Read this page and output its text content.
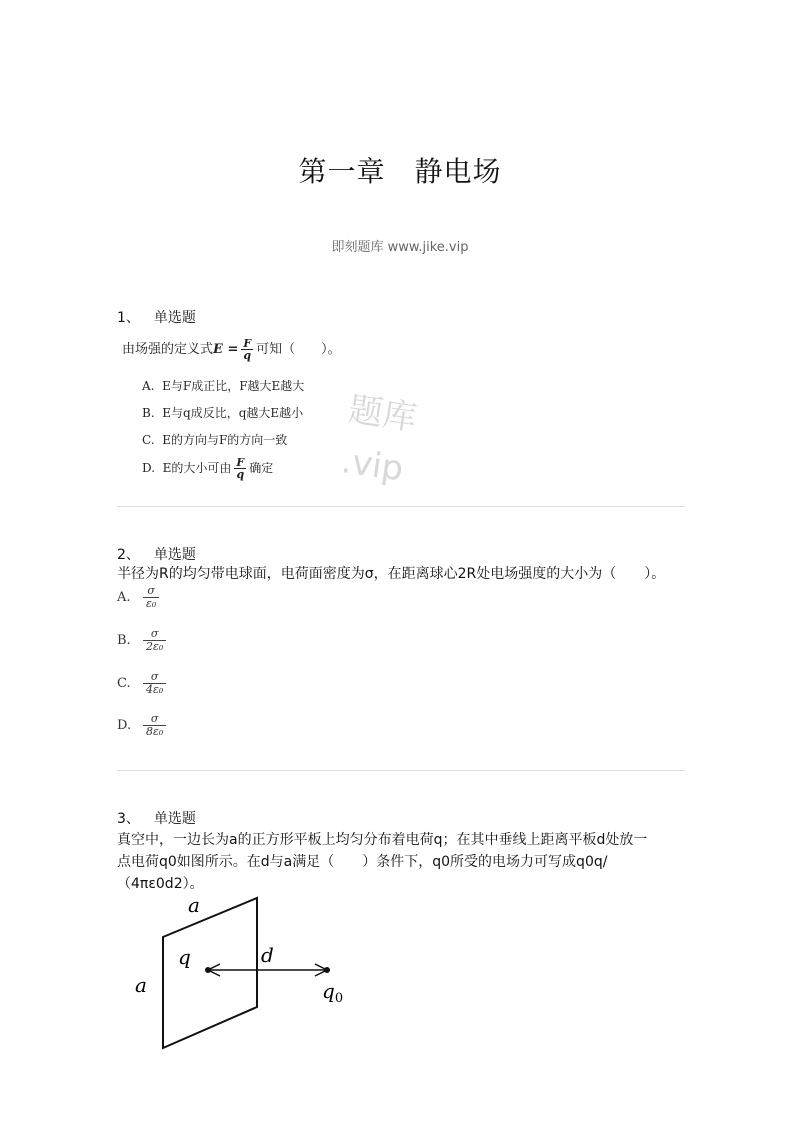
第一章　静电场
即刻题库 www.jike.vip
1、 单选题
由场强的定义式$E = \frac{F}{q}$ 可知（　　）。
A. E与F成正比，F越大E越大
B. E与q成反比，q越大E越小
C. E的方向与F的方向一致
D. E的大小可由 $\frac{F}{q}$ 确定
题库
.vip
2、 单选题
半径为R的均匀带电球面，电荷面密度为σ，在距离球心2R处电场强度的大小为（　　）。
A. $\frac{\sigma}{\text{ε₀}}$
B. $\frac{\sigma}{\text{2ε₀}}$
C. $\frac{\sigma}{\text{4ε₀}}$
D. $\frac{\sigma}{\text{8ε₀}}$
3、 单选题
真空中，一边长为a的正方形平板上均匀分布着电荷q；在其中垂线上距离平板d处放一
点电荷q0如图所示。在d与a满足（　　）条件下，q0所受的电场力可写成q0q/
（4πε0d2）。
a
a
q	d
$q_0$
